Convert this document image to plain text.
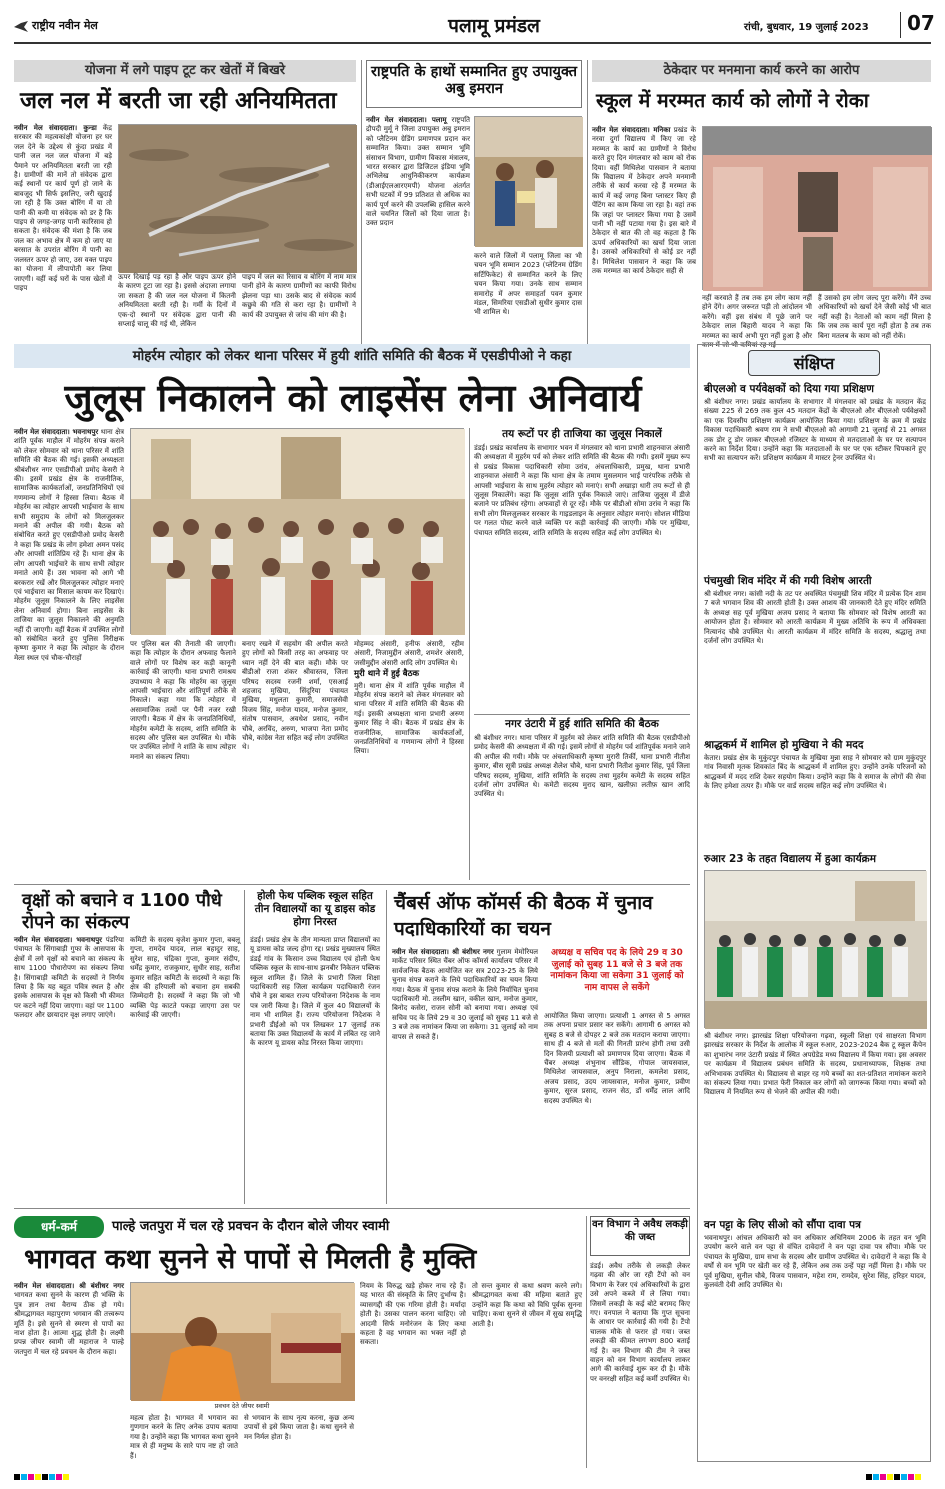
राष्ट्रीय नवीन मेल	पलामू प्रमंडल	रांची, बुधवार, 19 जुलाई 2023 07
योजना में लगे पाइप टूट कर खेतों में बिखरे
जल नल में बरती जा रही अनियमितता
नवीन मेल संवाददाता। कुन्डा केंद्र सरकार की महत्वकांक्षी योजना हर घर जल देने के उद्देश्य से कुंदा प्रखंड में पानी जल नल जल योजना में बड़े पैमाने पर अनियमितता बरती जा रही है। ग्रामीणों की मानें तो संवेदक द्वारा कई स्थानों पर कार्य पूर्ण हो जाने के बावजूद भी सिर्फ इसलिए, जरी खुदाई जा रही है कि उक्त बोरिंग में या तो पानी की कमी या संवेदक को डर है कि पाइप से जगह-जगह पानी कारिसाव हो सकता है। संवेदक की मंशा है कि जब जल का अभाव क्षेत्र में कम हो जाए या बरसात के उपरांत बोरिंग में पानी का जलस्तर ऊपर हो जाए, उस वक्त पाइप का योजना में लीपापोती कर लिया जाएगी। वहीं कई घरों के पास खेतों में पाइप
ऊपर दिखाई पड़ रहा है और पाइप ऊपर होने के कारण टूटा जा रहा है। इससे अंदाजा लगाया जा सकता है की जल नल योजना में कितनी अनियमितता बरती रही है। गर्मी के दिनों में एक-दो स्थानों पर संवेदक द्वारा पानी की सप्लाई चालू की गई थी, लेकिन
पाइप में जल का रिसाव व बोरिंग में नाम मात्र पानी होने के कारण ग्रामीणों का काफी विरोध झेलना पड़ा था। उसके बाद से संवेदक कार्य कछुवे की गति से करा रहा है। ग्रामीणों ने कार्य की उपायुक्त से जांच की मांग की है।
राष्ट्रपति के हाथों सम्मानित हुए उपायुक्त अबु इमरान
नवीन मेल संवाददाता। पलामू राष्ट्रपति द्रौपदी मुर्मू ने जिला उपायुक्त अबु इमरान को प्लैटिनम ग्रेडिंग प्रमाणपत्र प्रदान कर सम्मानित किया। उक्त सम्मान भूमि संसाधन विभाग, ग्रामीण विकास मंत्रालय, भारत सरकार द्वारा डिजिटल इंडिया भूमि अभिलेख आधुनिकीकरण कार्यक्रम (डीआईएलआरएमपी) योजना अंतर्गत सभी घटकों में 99 प्रतिशत से अधिक का कार्य पूर्ण करने की उपलब्धि हासिल करने वाले चयनित जिलों को दिया जाता है। उक्त प्रदान
करने वाले जिलों में पलामू जिला का भी चयन भूमि सम्मान 2023 (प्लेटिनम ग्रेडिंग सर्टिफिकेट) से सम्मानित करने के लिए चयन किया गया। उनके साथ सम्मान समारोह में अपर समाहर्ता पवन कुमार मंडल, सिमरिया एसडीओ सुधीर कुमार दास भी शामिल थे।
ठेकेदार पर मनमाना कार्य करने का आरोप
स्कूल में मरम्मत कार्य को लोगों ने रोका
नवीन मेल संवाददाता। मनिका प्रखंड के नरवा दुर्गा विद्यालय में किए जा रहे मरम्मत के कार्य का ग्रामीणों ने विरोध करते हुए दिन मंगलवार को काम को रोक दिया। वहीं मिथिलेश पासवान ने बताया कि विद्यालय में ठेकेदार अपने मनमानी तरीके से कार्य करवा रहे हैं मरम्मत के कार्य में कई जगह बिना प्लास्टर किए ही पेंटिंग का काम किया जा रहा है। वहां तक कि जहां पर प्लास्टर किया गया है उसमें पानी भी नहीं पटाया गया है। इस बारे में ठेकेदार से बात की तो वह कहता है कि ऊपर्य अधिकारियों का खर्चा दिया जाता है। उसको अधिकारियों से कोई डर नहीं है। मिथिलेश पासवान ने कहा कि जब तक मरम्मत का कार्य ठेकेदार सही से
नहीं करवाते हैं तब तक हम लोग काम नहीं होने देंगे। अगर जरूरत पड़ी तो आंदोलन भी करेंगे। वहीं इस संबंध में पूछे जाने पर ठेकेदार लाल बिहारी यादव ने कहा कि मरम्मत का कार्य अभी पूरा नहीं हुआ है और काम में जो भी कमियां रह गई
हैं उसको हम लोग जल्द पूरा करेंगे। मैंने उच्च अधिकारियों को खर्चा देने जैसी कोई भी बात नहीं कही है। नेताओं को काम नहीं मिला है कि जब तक कार्य पूरा नहीं होता है तब तक बिना मतलब के काम को नहीं रोकें।
मोहर्रम त्योहार को लेकर थाना परिसर में हुयी शांति समिति की बैठक में एसडीपीओ ने कहा
जुलूस निकालने को लाइसेंस लेना अनिवार्य
नवीन मेल संवाददाता। भवनाथपुर थाना क्षेत्र शांति पूर्वक माहौल में मोहर्रम संपन्न कराने को लेकर सोमवार को थाना परिसर में शांति समिति की बैठक की गई। इसकी अध्यक्षता श्रीबंशीधर नगर एसडीपीओ प्रमोद केसरी ने की। इसमें प्रखंड क्षेत्र के राजनीतिक, सामाजिक कार्यकर्ताओं, जनप्रतिनिधियों एवं गणमान्य लोगों ने हिस्सा लिया। बैठक में मोहर्रम का त्योहार आपसी भाईचारा के साथ सभी समुदाय के लोगों को मिलजुलकर मनाने की अपील की गयी। बैठक को संबोधित करते हुए एसडीपीओ प्रमोद केसरी ने कहा कि प्रखंड के लोग हमेशा अमन पसंद और आपसी शांतिप्रिय रहे हैं। थाना क्षेत्र के लोग आपसी भाईचारे के साथ सभी त्योहार मनाते आये हैं। उस भावना को आगे भी बरकरार रखें और मिलजुलकर त्योहार मनाएं एवं भाईचारा का मिसाल कायम कर दिखाएं। मोहर्रम जुलूस निकालने के लिए लाइसेंस लेना अनिवार्य होगा। बिना लाइसेंस के ताजिया का जुलूस निकालने की अनुमति नहीं दी जाएगी। वहीं बैठक में उपस्थित लोगों को संबोधित करते हुए पुलिस निरीक्षक कृष्णा कुमार ने कहा कि त्योहार के दौरान मेला स्थल एवं चौक-चौराहों
पर पुलिस बल की तैनाती की जाएगी। कहा कि त्योहार के दौरान अफवाह फैलाने वाले लोगों पर विशेष कर कड़ी कानूनी कार्रवाई की जाएगी। थाना प्रभारी रामश्रय उपाध्याय ने कहा कि मोहर्रम का जुलूस आपसी भाईचारा और शांतिपूर्ण तरीके से निकाले। कहा गया कि त्योहार में असामाजिक तत्वों पर पैनी नजर रखी जाएगी। बैठक में क्षेत्र के जनप्रतिनिधियों, मोहर्रम कमेटी के सदस्य, शांति समिति के सदस्य और पुलिस बल उपस्थित थे। मौके पर उपस्थित लोगों ने शांति के साथ त्योहार मनाने का संकल्प लिया।
बनाए रखने में सहयोग की अपील करते हुए लोगों को किसी तरह का अफवाह पर ध्यान नहीं देने की बात कही। मौके पर बीडीओ राजा शंकर श्रीवास्तव, जिला परिषद सदस्य रजनी शर्मा, एसआई शहजाद मुखिया, सिंदूरिया पंचायत मुखिया, मधुलता कुमारी, समाजसेवी विजय सिंह, मनोज यादव, मनोज कुमार, संतोष पासवान, अवधेश प्रसाद, नवीन चौबे, अरविंद, अरुण, भाजपा नेता प्रमोद चौबे, कांग्रेस नेता सहित कई लोग उपस्थित थे।
मोहम्मद अंसारी, हनीफ अंसारी, रहीम अंसारी, निजामुद्दीन अंसारी, शमशेर अंसारी, जसीमुद्दीन अंसारी आदि लोग उपस्थित थे।
मुरी थाने में हुई बैठक
मुरी। थाना क्षेत्र में शांति पूर्वक माहौल में मोहर्रम संपन्न कराने को लेकर मंगलवार को थाना परिसर में शांति समिति की बैठक की गई। इसकी अध्यक्षता थाना प्रभारी अरुण कुमार सिंह ने की। बैठक में प्रखंड क्षेत्र के राजनीतिक, सामाजिक कार्यकर्ताओं, जनप्रतिनिधियों व गणमान्य लोगों ने हिस्सा लिया।
तय रूटों पर ही ताजिया का जुलूस निकालें
डंडई। प्रखंड कार्यालय के सभागार भवन में मंगलवार को थाना प्रभारी शाहनवाज अंसारी की अध्यक्षता में मुहर्रम पर्व को लेकर शांति समिति की बैठक की गयी। इसमें मुख्य रूप से प्रखंड विकास पदाधिकारी सोमा उरांव, अंचलाधिकारी, प्रमुख, थाना प्रभारी शाहनवाज अंसारी ने कहा कि थाना क्षेत्र के तमाम मुसलमान भाई पारंपरिक तरीके से आपसी भाईचारा के साथ मुहर्रम त्योहार को मनाएं। सभी अखाड़ा धारी तय रूटों से ही जुलूस निकालेंगे। कहा कि जुलूस शांति पूर्वक निकाले जाएं। ताजिया जुलूस में डीजे बजाने पर प्रतिबंध रहेगा। अफवाहों से दूर रहें। मौके पर बीडीओ सोमा उरांव ने कहा कि सभी लोग मिलजुलकर सरकार के गाइडलाइन के अनुसार त्योहार मनाएं। सोशल मीडिया पर गलत पोस्ट करने वाले व्यक्ति पर कड़ी कार्रवाई की जाएगी। मौके पर मुखिया, पंचायत समिति सदस्य, शांति समिति के सदस्य सहित कई लोग उपस्थित थे।
नगर उंटारी में हुई शांति समिति की बैठक
श्री बंशीधर नगर। थाना परिसर में मुहर्रम को लेकर शांति समिति की बैठक एसडीपीओ प्रमोद केसरी की अध्यक्षता में की गई। इसमें लोगों से मोहर्रम पर्व शांतिपूर्वक मनाने जाने की अपील की गयी। मौके पर अंचलाधिकारी कृष्णा मुरारी तिर्की, थाना प्रभारी नीतीश कुमार, बीस सूत्री प्रखंड अध्यक्ष शैलेश चौबे, थाना प्रभारी नितीश कुमार सिंह, पूर्व जिला परिषद सदस्य, मुखिया, शांति समिति के सदस्य तथा मुहर्रम कमेटी के सदस्य सहित दर्जनों लोग उपस्थित थे। कमेटी सदस्य मुराद खान, खलीफ़ा लतीफ़ खान आदि उपस्थित थे।
संक्षिप्त
बीएलओ व पर्यवेक्षकों को दिया गया प्रशिक्षण
श्री बंशीधर नगर। प्रखंड कार्यालय के सभागार में मंगलवार को प्रखंड के मतदान केंद्र संख्या 225 से 269 तक कुल 45 मतदान केंद्रों के बीएलओ और बीएलओ पर्यवेक्षकों का एक दिवसीय प्रशिक्षण कार्यक्रम आयोजित किया गया। प्रशिक्षण के क्रम में प्रखंड विकास पदाधिकारी श्रवण राम ने सभी बीएलओ को आगामी 21 जुलाई से 21 अगस्त तक डोर टू डोर जाकर बीएलओ रजिस्टर के माध्यम से मतदाताओं के घर पर सत्यापन करने का निर्देश दिया। उन्होंने कहा कि मतदाताओं के घर पर एक स्टीकर चिपकाने हुए सभी का सत्यापन करें। प्रशिक्षण कार्यक्रम में मास्टर ट्रेनर उपस्थित थे।
पंचमुखी शिव मंदिर में की गयी विशेष आरती
श्री बंशीधर नगर। कांसी नदी के तट पर अवस्थित पंचमुखी शिव मंदिर में प्रत्येक दिन शाम 7 बजे भगवान शिव की आरती होती है। उक्त आशय की जानकारी देते हुए मंदिर समिति के अध्यक्ष सह पूर्व मुखिया अजय प्रसाद ने बताया कि सोमवार को विशेष आरती का आयोजन होता है। सोमवार को आरती कार्यक्रम में मुख्य अतिथि के रूप में अधिवक्ता नित्यानंद चौबे उपस्थित थे। आरती कार्यक्रम में मंदिर समिति के सदस्य, श्रद्धालु तथा दर्जनों लोग उपस्थित थे।
श्राद्धकर्म में शामिल हो मुखिया ने की मदद
केतार। प्रखंड क्षेत्र के मुकुंदपुर पंचायत के मुखिया मुन्ना साह ने सोमवार को ग्राम मुकुंदपुर गांव निवासी मृतक शिवकांत बिंद के श्राद्धकर्म में शामिल हुए। उन्होंने उनके परिजनों को श्राद्धकर्म में मदद राशि देकर सहयोग किया। उन्होंने कहा कि वे समाज के लोगों की सेवा के लिए हमेशा तत्पर हैं। मौके पर वार्ड सदस्य सहित कई लोग उपस्थित थे।
रुआर 23 के तहत विद्यालय में हुआ कार्यक्रम
श्री बंशीधर नगर। झारखंड शिक्षा परियोजना गढ़वा, स्कूली शिक्षा एवं साक्षरता विभाग झारखंड सरकार के निर्देश के आलोक में स्कूल रुआर, 2023-2024 बैक टू स्कूल कैंपेन का शुभारंभ नगर उंटारी प्रखंड में स्थित अपग्रेडेड मध्य विद्यालय में किया गया। इस अवसर पर कार्यक्रम में विद्यालय प्रबंधन समिति के सदस्य, प्रधानाध्यापक, शिक्षक तथा अभिभावक उपस्थित थे। विद्यालय से बाहर रह गये बच्चों का शत-प्रतिशत नामांकन कराने का संकल्प लिया गया। प्रभात फेरी निकाल कर लोगों को जागरूक किया गया। बच्चों को विद्यालय में नियमित रूप से भेजने की अपील की गयी।
वन पट्टा के लिए सीओ को सौंपा दावा पत्र
भवनाथपुर। आंचल अधिकारी को वन अधिकार अधिनियम 2006 के तहत वन भूमि उपयोग करने वाले वन पट्टा से वंचित दावेदारों ने वन पट्टा दावा पत्र सौंपा। मौके पर पंचायत के मुखिया, ग्राम सभा के सदस्य और ग्रामीण उपस्थित थे। दावेदारों ने कहा कि वे वर्षों से वन भूमि पर खेती कर रहे हैं, लेकिन अब तक उन्हें पट्टा नहीं मिला है। मौके पर पूर्व मुखिया, सुनील चौबे, विजय पासवान, महेश राम, रामदेव, सुरेश सिंह, हरिहर यादव, कुलवंती देवी आदि उपस्थित थे।
वृक्षों को बचाने व 1100 पौधे रोपने का संकल्प
नवीन मेल संवाददाता। भवनाथपुर पंडरिया पंचायत के सिंगाबाड़ी गुफा के आसपास के क्षेत्रों में लगे वृक्षों को बचाने का संकल्प के साथ 1100 पौधारोपण का संकल्प लिया है। सिंगाबाड़ी कमिटी के सदस्यों ने निर्णय लिया है कि यह बहुत पवित्र स्थल है और इसके आसपास के वृक्ष को किसी भी कीमत पर कटने नहीं दिया जाएगा। वहां पर 1100 फलदार और छायादार वृक्ष लगाए जाएंगे।
कमिटी के सदस्य बृजेश कुमार गुप्ता, बबलू गुप्ता, रामदेव यादव, लाल बहादुर साह, सुरेश साह, चंद्रिका गुप्ता, कुमार संदीप, धर्मेंद्र कुमार, राजकुमार, सुधीर साह, सतीश कुमार सहित कमिटी के सदस्यों ने कहा कि क्षेत्र की हरियाली को बचाना हम सबकी जिम्मेदारी है। सदस्यों ने कहा कि जो भी व्यक्ति पेड़ काटते पकड़ा जाएगा उस पर कार्रवाई की जाएगी।
होली फेथ पब्लिक स्कूल सहित तीन विद्यालयों का यू डाइस कोड होगा निरस्त
डंडई। प्रखंड क्षेत्र के तीन मान्यता प्राप्त विद्यालयों का यू डायस कोड जल्द होगा रद्द। प्रखंड मुख्यालय स्थित डंडई गांव के किसान उच्च विद्यालय एवं होली फेथ पब्लिक स्कूल के साथ-साथ झनबीर निकेतन पब्लिक स्कूल शामिल हैं। जिले के प्रभारी जिला शिक्षा पदाधिकारी सह जिला कार्यक्रम पदाधिकारी रंजन चौबे ने इस बाबत राज्य परियोजना निदेशक के नाम पत्र जारी किया है। जिले में कुल 40 विद्यालयों के नाम भी शामिल हैं। राज्य परियोजना निदेशक ने प्रभारी डीईओ को पत्र लिखकर 17 जुलाई तक बताया कि उक्त विद्यालयों के कार्य में लंबित रह जाने के कारण यू डायस कोड निरस्त किया जाएगा।
चैंबर्स ऑफ कॉमर्स की बैठक में चुनाव पदाधिकारियों का चयन
नवीन मेल संवाददाता। श्री बंशीधर नगर गुलाम मेमोरियल मार्केट परिसर स्थित चैंबर ऑफ कॉमर्स कार्यालय परिसर में सार्वजनिक बैठक आयोजित कर सत्र 2023-25 के लिये चुनाव संपन्न कराने के लिये पदाधिकारियों का चयन किया गया। बैठक में चुनाव संपन्न कराने के लिये निर्वाचित चुनाव पदाधिकारी मो. तस्लीम खान, वकील खान, मनोज कुमार, बिनोद कसेरा, राजन सोनी को बनाया गया। अध्यक्ष एवं सचिव पद के लिये 29 व 30 जुलाई को सुबह 11 बजे से 3 बजे तक नामांकन किया जा सकेगा। 31 जुलाई को नाम वापस ले सकते हैं।
अध्यक्ष व सचिव पद के लिये 29 व 30 जुलाई को सुबह 11 बजे से 3 बजे तक नामांकन किया जा सकेगा 31 जुलाई को नाम वापस ले सकेंगे
आयोजित किया जाएगा। प्रत्याशी 1 अगस्त से 5 अगस्त तक अपना प्रचार प्रसार कर सकेंगे। आगामी 6 अगस्त को सुबह 8 बजे से दोपहर 2 बजे तक मतदान कराया जाएगा। साथ ही 4 बजे से मतों की गिनती प्रारंभ होगी तथा उसी दिन विजयी प्रत्याशी को प्रमाणपत्र दिया जाएगा। बैठक में चैंबर अध्यक्ष शंभुनाथ सौंडिक, गोपाल जायसवाल, मिथिलेश जायसवाल, अनुप निराला, कमलेश प्रसाद, अजय प्रसाद, उदय जायसवाल, मनोज कुमार, प्रवीण कुमार, सूरज प्रसाद, राजन सेठ, डॉ धर्मेंद्र लाल आदि सदस्य उपस्थित थे।
धर्म-कर्म	पाल्हे जतपुरा में चल रहे प्रवचन के दौरान बोले जीयर स्वामी
भागवत कथा सुनने से पापों से मिलती है मुक्ति
नवीन मेल संवाददाता। श्री बंशीधर नगर भागवत कथा सुनने के कारण ही भक्ति के पुत्र ज्ञान तथा वैराग्य ठीक हो गये। श्रीमद्भागवत महापुराण भगवान की तत्त्वरूप मूर्ति है। इसे सुनने से स्मरण से पापों का नाश होता है। आत्मा शुद्ध होती है। लक्ष्मी प्रपन्न जीयर स्वामी जी महाराज ने पाल्हे जतपुरा में चल रहे प्रवचन के दौरान कहा।
प्रवचन देते जीयर स्वामी
महत्व होता है। भागवत में भगवान का गुणगान करने के लिए अनेक उपाय बताया गया है। उन्होंने कहा कि भागवत कथा सुनने मात्र से ही मनुष्य के सारे पाप नष्ट हो जाते हैं।
से भगवान के साथ नृत्य करना, कुछ अन्य उपायों से इसे किया जाता है। कथा सुनने से मन निर्मल होता है।
नियम के विरुद्ध खड़े होकर नाच रहे हैं। यह भारत की संस्कृति के लिए दुर्भाग्य है। व्यासगद्दी की एक गरिमा होती है। मर्यादा होती है। उसका पालन करना चाहिए। जो आदमी सिर्फ मनोरंजन के लिए कथा कहता है वह भगवान का भक्त नहीं हो सकता।
तो सन्त कुमार से कथा श्रवण करने लगे। श्रीमद्भागवत कथा की महिमा बताते हुए उन्होंने कहा कि कथा को विधि पूर्वक सुनना चाहिए। कथा सुनने से जीवन में सुख समृद्धि आती है।
वन विभाग ने अवैध लकड़ी की जब्त
डंडई। अवैध तरीके से लकड़ी लेकर गढ़वा की ओर जा रही टैंपो को वन विभाग के रेंजर एवं अधिकारियों के द्वारा उसे अपने कब्जे में ले लिया गया। जिसमें लकड़ी के कई बोटे बरामद किए गए। वनपाल ने बताया कि गुप्त सूचना के आधार पर कार्रवाई की गयी है। टैंपो चालक मौके से फरार हो गया। जब्त लकड़ी की कीमत लगभग 800 बताई गई है। वन विभाग की टीम ने जब्त वाहन को वन विभाग कार्यालय लाकर आगे की कार्रवाई शुरू कर दी है। मौके पर वनरक्षी सहित कई कर्मी उपस्थित थे।
